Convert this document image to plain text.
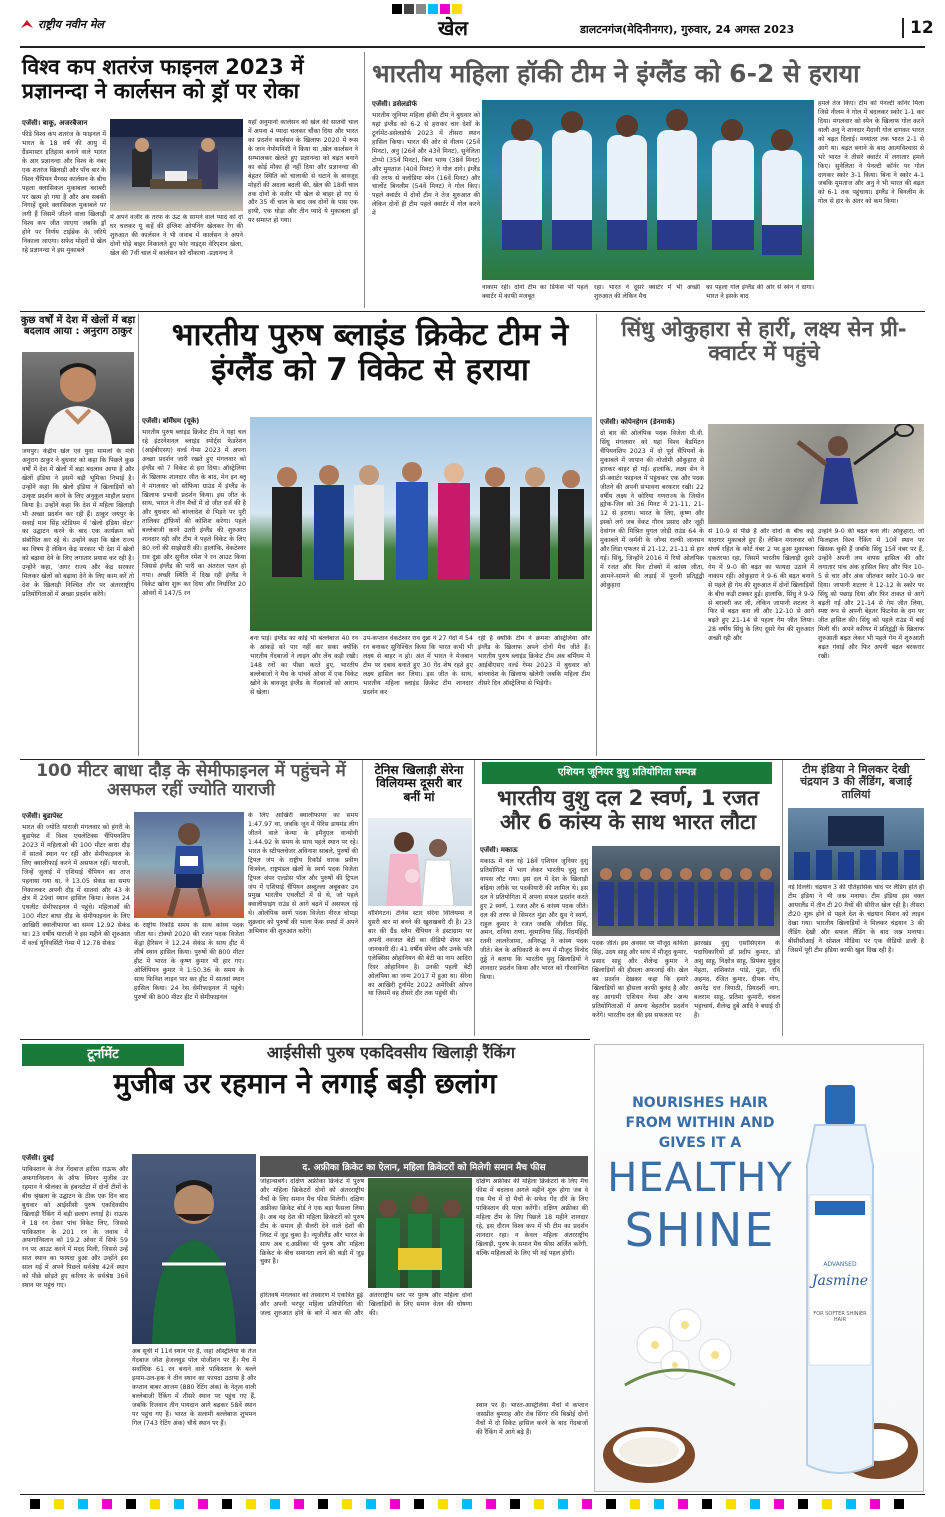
राष्ट्रीय नवीन मेल	खेल	डालटनगंज(मेदिनीनगर), गुरुवार, 24 अगस्त 2023	12
विश्व कप शतरंज फाइनल 2023 में प्रज्ञानन्दा ने कार्लसन को ड्रॉ पर रोका
एजेंसी। बाकू, अजरबैजान
फीडे विश्व कप शतरंज के फाइनल में भारत के 18 वर्ष की आयु में ग्रैंडमास्टर इतिहास बनाने वाले भारत के आर प्रज्ञानन्दा और विश्व के नंबर एक शतरंज खिलाड़ी और पाँच बार के विश्व चैंपियन मैग्नस कार्लसन के बीच पहला क्लासिकल मुकाबला बराबरी पर खत्म हो गया है और अब सबकी निगाहें दूसरे क्लासिकल मुकाबले पर लगी हैं जिसमें जीतने वाला खिलाड़ी विश्व कप जीत जाएगा जबकि ड्रॉ होने पर निर्णय टाईब्रेक के जरिये निकाला जाएगा। सफेद मोहरों से खेल रहे प्रज्ञानन्दा ने इस मुकाबले
में अपने वजीर के तरफ के ऊंट के सामने वाले प्यादे को दो घर चलकर यू कहें की इंग्लिश ओपनिंग खेलकर रेंग की शुरुआत की कार्लसन ने भी जवाब में कार्लसन ने अपने दोनों घोड़े बाहर निकालते हुए फोर नाइट्स वेरिएशन खेला, खेल की 7वीं चाल में कार्लसन को चौंकाया -प्रज्ञानन्द ने
यहाँ अनुमानों कार्लसन को खेल की सातवीं चाल में अपना 4 प्यादा चलकर चौंका दिया और भारत का प्रदर्शन कार्लसन के खिलाफ 2020 में रूस के जान नेपोमनिशी ने किया था ,खेल कार्लसन ने सम्भालकर खेलते हुए प्रज्ञानन्दा को बढ़त बनाने का कोई मौका ही नहीं दिया और प्रज्ञानन्दा की बेहतर स्थिति को चालाकी से घटाने के बावजूद मोहरों की अदला बदली की, खेल की 18वीं चाल तक दोनों के वजीर भी खेल से बाहर हो गए थे और 35 वीं चाल के बाद जब दोनों के पास एक हाथी, एक घोड़ा और तीन प्यादे ये मुकाबला ड्रॉ पर समाप्त हो गया।
भारतीय महिला हॉकी टीम ने इंग्लैंड को 6-2 से हराया
एजेंसी। डसेलडोर्फ
भारतीय जूनियर महिला हॉकी टीम ने बुधवार को यहां इंग्लैंड को 6-2 से हराकर चार देशों के टूर्नामेंट-डसेलडोर्फ 2023 में तीसरा स्थान हासिल किया। भारत की ओर से नीलम (25वें मिनट), अनु (26वें और 43वें मिनट), सुनेलिता टोप्पो (35वें मिनट), बिना भाग्य (38वें मिनट) और मुमताज (40वें मिनट) ने गोल दागे। इंग्लैंड की तरफ से क्लोडिया स्वेन (16वें मिनट) और चार्लोट बिनलीम (54वें मिनट) ने गोल किए। पहले क्वार्टर में दोनों टीम ने तेज शुरुआत की लेकिन दोनों ही टीम पहले क्वार्टर में गोल करने में
नाकाम रहीं। दोनों टीम का डिफेंस भी पहले क्वार्टर में काफी मजबूत
रहा। भारत ने दूसरे क्वार्टर में भी अच्छी शुरुआत की लेकिन मैच
का पहला गोल इंग्लैंड की ओर से स्वेन ने दागा। भारत ने इसके बाद
हमले तेज किए। टीम को पेनल्टी कॉर्नर मिला जिसे नीलम ने गोल में बदलकर स्कोर 1-1 कर दिया। मंगलवार को स्पेन के खिलाफ गोल करने वाली अनु ने शानदार मैदानी गोल दागकर भारत को बढ़त दिलाई। मध्यांतर तक भारत 2-1 से आगे था। बढ़त बनाने के बाद आत्मविश्वास से भरे भारत ने तीसरे क्वार्टर में लगातार हमले किए। सुनेलिता ने पेनल्टी कॉर्नर पर गोल दागकर स्कोर 3-1 किया। बिना ने स्कोर 4-1 जबकि मुमताज और अनु ने भी भारत की बढ़त को 6-1 तक पहुंचाया। इंग्लैंड ने बिनलीम के गोल से हार के अंतर को कम किया।
कुछ वर्षों में देश में खेलों में बड़ा बदलाव आया : अनुराग ठाकुर
जयपुर। केंद्रीय खेल एवं युवा मामलों के मंत्री अनुराग ठाकुर ने बुधवार को कहा कि पिछले कुछ वर्षों में देश में खेलों में बड़ा बदलाव आया है और खेलों इंडिया ने इसमें बड़ी भूमिका निभाई है। उन्होंने कहा कि खेलो इंडिया ने खिलाड़ियों को उत्कृष्ट प्रदर्शन करने के लिए अनुकूल माहौल प्रदान किया है। उन्होंने कहा कि देश में महिला खिलाड़ी भी अच्छा प्रदर्शन कर रही हैं। ठाकुर जयपुर के सवाई मान सिंह स्टेडियम में 'खेलो इंडिया सेंटर' का उद्घाटन करने के बाद एक कार्यक्रम को संबोधित कर रहे थे। उन्होंने कहा कि खेल राज्य का विषय है लेकिन केंद्र सरकार भी देश में खेलों को बढ़ावा देने के लिए लगातार प्रयास कर रही है। उन्होंने कहा, 'अगर राज्य और केंद्र सरकार मिलकर खेलों को बढ़ावा देने के लिए काम करें तो देश के खिलाड़ी निश्चित तौर पर अंतरराष्ट्रीय प्रतियोगिताओं में अच्छा प्रदर्शन करेंगे।
भारतीय पुरुष ब्लाइंड क्रिकेट टीम ने इंग्लैंड को 7 विकेट से हराया
एजेंसी। बर्मिंघम (यूके)
भारतीय पुरुष ब्लाइंड क्रिकेट टीम ने यहां चल रहे इंटरनेशनल ब्लाइंड स्पोर्ट्स फेडरेशन (आईबीएसए) वर्ल्ड गेम्स 2023 में अपना अच्छा प्रदर्शन जारी रखते हुए मंगलवार को इंग्लैंड को 7 विकेट से हरा दिया। ऑस्ट्रेलिया के खिलाफ शानदार जीत के बाद, मेन इन ब्लू ने मंगलवार को सोफिया ग्राउंड में इंग्लैंड के खिलाफ प्रभावी प्रदर्शन किया। इस जीत के साथ, भारत ने तीन मैचों में दो जीत दर्ज की है और बुधवार को बांग्लादेश से भिड़ने पर पूरी तालिका ट्रॉफ़ियों की कोशिश करेगा। पहले बल्लेबाजी करने उतरी इंग्लैंड की शुरुआत शानदार रही और टीम ने पहले विकेट के लिए 80 रनों की साझेदारी की। हालांकि, वेंकटेश्वर राव दुन्ना और सुनील रमेश ने रन आउट किया जिससे इंग्लैंड की पारी का अंतराल पतन हो गया। अच्छी स्थिति में दिख रही इंग्लैंड ने विकेट खोना शुरू कर दिया और निर्धारित 20 ओवरों में 147/5 रन
बना पाई। इंग्लैंड का कोई भी बल्लेबाज 40 रन के आंकड़े को पार नहीं कर सका क्योंकि भारतीय गेंदबाजों ने लाइन और लेंथ कड़ी रखी। 148 रनों का पीछा करते हुए, भारतीय बल्लेबाजों ने मैच के पांचवें ओवर में एक विकेट खोने के बावजूद इंग्लैंड के गेंदबाजों को आराम से खेला।
उप-कप्तान वेंकटेश्वर राव दुन्ना ने 27 गेंदों में 54 रन बनाकर सुनिश्चित किया कि भारत कभी भी लक्ष्य से बाहर न हो। अंत में भारत ने मेजबान टीम पर दबाव बनाते हुए 30 गेंद शेष रहते हुए लक्ष्य हासिल कर लिया। इस जीत के साथ, भारतीय महिला ब्लाइंड क्रिकेट टीम शानदार प्रदर्शन कर
रही है क्योंकि टीम ने क्रमशः ऑस्ट्रेलिया और इंग्लैंड के खिलाफ अपने दोनों मैच जीते हैं। भारतीय पुरुष ब्लाइंड क्रिकेट टीम अब बर्मिंघम में आईबीएसए वर्ल्ड गेम्स 2023 में बुधवार को बांग्लादेश के खिलाफ खेलेगी जबकि महिला टीम तीसरे दिन ऑस्ट्रेलिया से भिड़ेगी।
सिंधु ओकुहारा से हारीं, लक्ष्य सेन प्री-क्वार्टर में पहुंचे
एजेंसी। कोपेनहेगन (डेनमार्क)
दो बार की ओलंपिक पदक विजेता पी.वी. सिंधु मंगलवार को यहां विश्व बैडमिंटन चैंपियनशिप 2023 में दो पूर्व चैंपियनों के मुकाबले में जापान की नोजोमी ओकुहारा से हारकर बाहर हो गईं। हालांकि, लक्ष्य सेन ने प्री-क्वार्टर फाइनल में पहुंचकर एक और पदक जीतने की अपनी संभावना बरकरार रखी। 22 वर्षीय लक्ष्य ने कोरिया गणराज्य के जियोन ह्योक-जिन को 36 मिनट में 21-11, 21-12 से हराया। भारत के लिए, कृष्ण और इस्को लगे जब वेंकट गौरव प्रसाद और जूही देवांगन की मिश्रित युगल जोड़ी राउंड 64 के मुकाबले में जर्मनी के जोन्स राल्फी जानसन और लिंडा एफलर से 21-12, 21-11 से हार गई। सिंधु, जिन्होंने 2016 में रियो ओलंपिक में रजत और फिर टोक्यो में कांस्य जीता, आमने-सामने की लड़ाई में पुरानी प्रतिद्वंद्वी ओकुहारा
से 10-9 से पीछे हैं और दोनों के बीच कई यादगार मुकाबले हुए हैं। लेकिन मंगलवार को संघर्ष रहित के कोर्ट नंबर 2 पर हुआ मुकाबला एकतरफा रहा, जिसमें भारतीय खिलाड़ी दूसरे गेम में 9-0 की बढ़त का फायदा उठाने में नाकाम रहीं। ओकुहारा ने 9-6 की बढ़त बनाने से पहले ही गेम की शुरुआत में दोनों खिलाड़ियों के बीच कड़ी टक्कर हुई। हालांकि, सिंधु ने 9-9 से बराबरी कर ली, लेकिन जापानी शटलर ने फिर से बढ़त बना ली और 12-10 से आगे बढ़ते हुए 21-14 से पहला गेम जीत लिया। 28 वर्षीय सिंधु के लिए दूसरे गेम की शुरुआत अच्छी रही और
उन्होंने 9-0 की बढ़त बना ली। ओकुहारा, जो फिलहाल विश्व रैंकिंग में 10वें स्थान पर खिसक चुकी हैं जबकि सिंधु 15वें नंबर पर हैं, उन्होंने अपनी लय वापस हासिल की और लगातार पांच अंक हासिल किए और फिर 10-5 से चार और अंक जीतकर स्कोर 10-9 कर दिया। जापानी शटलर ने 12-12 के स्कोर पर सिंधु को पछाड़ दिया और फिर ताकत से आगे बढ़ती गई और 21-14 से गेम जीत लिया, स्पष्ट रूप से अपनी बेहतर फिटनेस के दम पर जीत हासिल की। सिंधु को पहले राउंड में बाई मिली थी। अपने करियर में प्रतिद्वंद्वी के खिलाफ शुरुआती बढ़त लेकर भी पहले गेम में शुरुआती बढ़त गंवाई और फिर अपनी बढ़त बरकरार रखी।
100 मीटर बाधा दौड़ के सेमीफाइनल में पहुंचने में असफल रहीं ज्योति याराजी
एजेंसी। बुडापेस्ट
भारत की ज्योति याराजी मंगलवार को हंगरी के बुडापेस्ट में विश्व एथलेटिक्स चैंपियनशिप 2023 में महिलाओं की 100 मीटर बाधा दौड़ में सातवें स्थान पर रहीं और सेमीफाइनल के लिए क्वालीफाई करने में असफल रहीं। याराजी, जिन्हें जुलाई में एशियाई चैंपियन का ताज पहनाया गया था, ने 13.05 सेकंड का समय निकालकर अपनी दौड़ में सातवां और 43 के क्षेत्र में 29वां स्थान हासिल किया। केवल 24 एथलीट सेमीफाइनल में पहुंचे। महिलाओं की 100 मीटर बाधा दौड़ के सेमीफाइनल के लिए आखिरी क्वालीफायर का समय 12.92 सेकंड था। 23 वर्षीय याराजी ने इस महीने की शुरुआत में वर्ल्ड यूनिवर्सिटी गेम्स में 12.78 सेकंड
के राष्ट्रीय रिकॉर्ड समय के साथ कांस्य पदक जीता था। टोक्यो 2020 की रजत पदक विजेता केंड्रा हैरिसन ने 12.24 सेकंड के साथ हीट में शीर्ष स्थान हासिल किया। पुरुषों की 800 मीटर हीट में भारत के कृष्ण कुमार भी हार गए। ओलिंपियन कुमार ने 1:50.36 के समय के साथ फिनिश लाइन पार कर हीट में सातवां स्थान हासिल किया। 24 रेस सेमीफाइनल में पहुंचे। पुरुषों की 800 मीटर हीट में सेमीफाइनल
के लिए आखिरी क्वालीफायर का समय 1:47.97 था, जबकि जून में पेरिस डायमंड लीग जीतने वाले केन्या के इमैनुएल वान्योनी 1:44.92 के समय के साथ पहले स्थान पर रहे। भारत के स्टीपलचेजर अविनाश साबले, पुरुषों की ट्रिपल जंप के राष्ट्रीय रिकॉर्ड धारक प्रवीण चित्रवेल, राष्ट्रमंडल खेलों के स्वर्ण पदक विजेता ट्रिपल जंपर एल्डोस पॉल और पुरुषों की ट्रिपल जंप में एशियाई चैंपियन अब्दुल्ला अबूबकर उन प्रमुख भारतीय एथलीटों में से थे, जो पहले क्वालीफाइंग राउंड से आगे बढ़ने में असफल रहे थे। ओलंपिक स्वर्ण पदक विजेता नीरज चोपड़ा शुक्रवार को पुरुषों की भाला फेंक स्पर्धा में अपने अभियान की शुरुआत करेंगे।
टेनिस खिलाड़ी सेरेना विलियम्स दूसरी बार बनीं मां
वॉशिंगटन। टेनिस स्टार सेरेना विलियम्स ने दूसरी बार मां बनने की खुशखबरी दी है। 23 बार की ग्रैंड स्लैम चैंपियन ने इंस्टाग्राम पर अपनी नवजात बेटी का वीडियो शेयर कर जानकारी दी। 41 वर्षीय सेरेना और उनके पति एलेक्सिस ओहानियन की बेटी का नाम आदिरा रिवर ओहानियन है। उनकी पहली बेटी ओलंपिया का जन्म 2017 में हुआ था। सेरेना का आखिरी टूर्नामेंट 2022 अमेरिकी ओपन था जिसमें वह तीसरे दौर तक पहुंची थी।
एशियन जूनियर वुशु प्रतियोगिता सम्पन्न
भारतीय वुशु दल 2 स्वर्ण, 1 रजत और 6 कांस्य के साथ भारत लौटा
एजेंसी। मकाऊ
मकाऊ में चल रहे 18वें एशियन जूनियर वुशु प्रतियोगिता में भाग लेकर भारतीय वुशु दल वापस लौट गया। इस दल में देश के खिलाड़ी बढ़िया तरीके पर पदकीयारी की शामिल थे। इस दल ने प्रतियोगिता में अपना सफल प्रदर्शन करते हुए 2 स्वर्ण, 1 रजत और 6 कांस्य पदक जीते। दल की तरफ से सिमरत मुंडा और ध्रुव ने स्वर्ण, राहुल कुमार ने रजत जबकि जीवीता सिंह, अमन, रानिया राणा, नूरमानिया सिंह, रिंदमहिंदी रतनी लालरेंजामा, अनिरुद्ध ने कांस्य पदक जीते। बेल के अधिकारी के रूप में मौजूद विनोद तुड्डे ने बताया कि भारतीय वुशु खिलाड़ियों ने शानदार प्रदर्शन किया और भारत को गौरवान्वित किया।
पदक जीते। इस अवसर पर मौजूद कविता सिंह, उदय साहू और साथ में मौजूद कुमार, प्रसाद साहू और शैलेन्द्र कुमार ने खिलाड़ियों की हौसला अफजाई की। खेल का प्रदर्शन देखकर कहा कि हमारे खिलाड़ियों का हौसला काफी बुलंद है और वह आगामी एशियन गेम्स और अन्य प्रतियोगिताओं में अपना बेहतरीन प्रदर्शन करेंगे। भारतीय दल की इस सफलता पर
झारखंड वुशु एसोसिएशन के पदाधिकारियों डॉ प्रदीप कुमार, डॉ अशु साहू, निक्षोत्र साहू, प्रियंका मुकुंद मेहता, शशिकांत पांडे, मुंडा, रवि अहमद, रंजित कुमार, दीपक गोप, अमरेंद्र दत्त त्रिपाठी, प्रियदर्शी नाग, बलराम साहू, प्रतिमा कुमारी, चंचल भट्टाचार्य, शैलेन्द्र दुबे आदि ने बधाई दी है।
टीम इंडिया ने मिलकर देखी चंद्रयान 3 की लैंडिंग, बजाई तालियां
नई दिल्ली। चंद्रयान 3 की ऐतिहासिक चांद पर लैंडिंग होते ही टीम इंडिया ने भी जश्न मनाया। टीम इंडिया इस वक्त आयरलैंड में तीन टी 20 मैचों की सीरीज खेल रही है। तीसरा टी20 शुरू होने से पहले देश के चंद्रयान मिशन को लाइव देखा गया। भारतीय खिलाड़ियों ने मिलकर चंद्रयान 3 की लैंडिंग देखी और सफल लैंडिंग के बाद जश्न मनाया। बीसीसीआई ने सोशल मीडिया पर एक वीडियो डाली है जिसमें पूरी टीम इंडिया काफी खुश दिख रही है।
टूर्नामेंट	आईसीसी पुरुष एकदिवसीय खिलाड़ी रैंकिंग
मुजीब उर रहमान ने लगाई बड़ी छलांग
एजेंसी। दुबई
पाकिस्तान के तेज गेंदबाज हारिस राऊफ और अफगानिस्तान के ऑफ स्पिनर मुजीब उर रहमान ने श्रीलंका के हंबनटोटा में दोनों टीमों के बीच श्रृंखला के उद्घाटन के ठीक एक दिन बाद बुधवार को आईसीसी पुरुष एकदिवसीय खिलाड़ी रैंकिंग में बड़ी छलांग लगाई है। राऊफ ने 18 रन देकर पांच विकेट लिए, जिससे पाकिस्तान के 201 रन के जवाब में अफगानिस्तान को 19.2 ओवर में सिर्फ 59 रन पर आउट करने में मदद मिली, जिससे उन्हें सात स्थान का फायदा हुआ और उन्होंने इस साल मई में अपने पिछले सर्वश्रेष्ठ 42वें स्थान को पीछे छोड़ते हुए करियर के सर्वश्रेष्ठ 36वें स्थान पर पहुंच गए।
अब सूची में 11वें स्थान पर हैं, जहां ऑस्ट्रेलिया के तेज गेंदबाज जोश हेजलवुड पोल पोजीशन पर हैं। मैच में सर्वाधिक 61 रन बनाने वाले पाकिस्तान के बल्ले इमाम-उल-हक ने तीन स्थान का फायदा उठाया है और कप्तान बाबर आजम (880 रेटिंग अंक) के नेतृत्व वाली बल्लेबाजी रैंकिंग में तीसरे स्थान पर पहुंच गए हैं, जबकि रिजवान तीन पायदान आगे बढ़कर 58वें स्थान पर पहुंच गए हैं। भारत के सलामी बल्लेबाज शुभमन गिल (743 रेटिंग अंक) चौथे स्थान पर हैं।
द. अफ्रीका क्रिकेट का ऐलान, महिला क्रिकेटरों को मिलेगी समान मैच फीस
जोहान्सबर्ग। दक्षिण अफ्रीका क्रिकेट में पुरुष और महिला क्रिकेटरों दोनों को अंतरराष्ट्रीय मैचों के लिए समान मैच फीस मिलेगी। दक्षिण अफ्रीका क्रिकेट बोर्ड ने एक बड़ा फैसला लिया है। अब वह देश की महिला क्रिकेटरों को पुरुष टीम के समान ही सैलरी देने वाले देशों की लिस्ट में जुड़ चुका है। न्यूजीलैंड और भारत के साथ अब द.अफ्रीका भी पुरुष और महिला क्रिकेट के बीच समानता लाने की कड़ी में जुड़ चुका है।
दक्षिण अफ्रीका की महिला क्रिकेटरों के लिए मैच फीस में बदलाव अगले महीने शुरू होगा जब वे एक मैच में दो मैचों के सफेद गेंद दौरे के लिए पाकिस्तान की यात्रा करेंगी। दक्षिण अफ्रीका की महिला टीम के लिए पिछले 18 महीने शानदार रहे, इस दौरान विश्व कप में भी टीम का प्रदर्शन शानदार रहा। न केवल महिला अंतरराष्ट्रीय खिलाड़ी, पुरुष के समान मैच फीस अर्जित करेंगी, बल्कि महिलाओं के लिए भी नई पहल होगी।
हरितवर्ष मंगलवार को तस्वारण में एकत्रित हुई और अपनी भरपूर महिला प्रतियोगिता की जल्द शुरुआत होने के बारे में बात की और अंतरराष्ट्रीय स्तर पर पुरुष और महिला दोनों खिलाड़ियों के लिए समान वेतन की घोषणा की।
स्थान पर है। भारत-आस्ट्रेलिया मैचों में कप्तान जसप्रीत बुमराह और रोब सिंगर रवि बिश्नोई दोनों मैचों में दो विकेट हासिल करने के बाद गेंदबाजों की रैंकिंग में आगे बढ़े हैं।
NOURISHES HAIR
FROM WITHIN AND
GIVES IT A
HEALTHY
SHINE	Parachute
ADVANSED
Jasmine
FOR SOFTER SHINIER HAIR
